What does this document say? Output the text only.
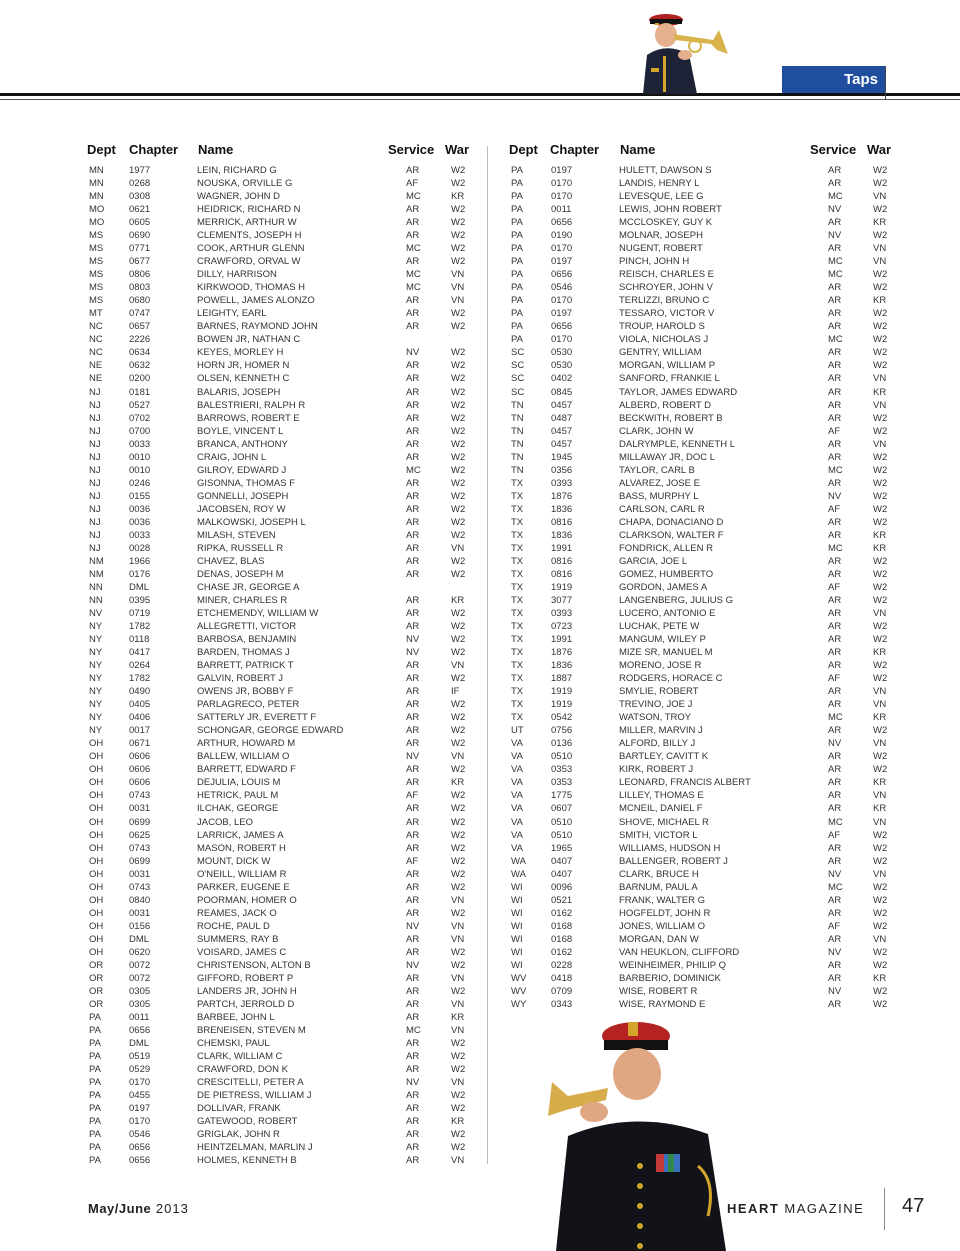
Taps
Dept Chapter Name	Service War
MN	1977	LEIN, RICHARD G	AR	W2
MN	0268	NOUSKA, ORVILLE G	AF	W2
MN	0308	WAGNER, JOHN D	MC	KR
MO	0621	HEIDRICK, RICHARD N	AR	W2
MO	0605	MERRICK, ARTHUR W	AR	W2
MS	0690	CLEMENTS, JOSEPH H	AR	W2
MS	0771	COOK, ARTHUR GLENN	MC	W2
MS	0677	CRAWFORD, ORVAL W	AR	W2
MS	0806	DILLY, HARRISON	MC	VN
MS	0803	KIRKWOOD, THOMAS H	MC	VN
MS	0680	POWELL, JAMES ALONZO	AR	VN
MT	0747	LEIGHTY, EARL	AR	W2
NC	0657	BARNES, RAYMOND JOHN	AR	W2
NC	2226	BOWEN JR, NATHAN C
NC	0634	KEYES, MORLEY H	NV	W2
NE	0632	HORN JR, HOMER N	AR	W2
NE	0200	OLSEN, KENNETH C	AR	W2
NJ	0181	BALARIS, JOSEPH	AR	W2
NJ	0527	BALESTRIERI, RALPH R	AR	W2
NJ	0702	BARROWS, ROBERT E	AR	W2
NJ	0700	BOYLE, VINCENT L	AR	W2
NJ	0033	BRANCA, ANTHONY	AR	W2
NJ	0010	CRAIG, JOHN L	AR	W2
NJ	0010	GILROY, EDWARD J	MC	W2
NJ	0246	GISONNA, THOMAS F	AR	W2
NJ	0155	GONNELLI, JOSEPH	AR	W2
NJ	0036	JACOBSEN, ROY W	AR	W2
NJ	0036	MALKOWSKI, JOSEPH L	AR	W2
NJ	0033	MILASH, STEVEN	AR	W2
NJ	0028	RIPKA, RUSSELL R	AR	VN
NM	1966	CHAVEZ, BLAS	AR	W2
NM	0176	DENAS, JOSEPH M	AR	W2
NN	DML	CHASE JR, GEORGE A
NN	0395	MINER, CHARLES R	AR	KR
NV	0719	ETCHEMENDY, WILLIAM W	AR	W2
NY	1782	ALLEGRETTI, VICTOR	AR	W2
NY	0118	BARBOSA, BENJAMIN	NV	W2
NY	0417	BARDEN, THOMAS J	NV	W2
NY	0264	BARRETT, PATRICK T	AR	VN
NY	1782	GALVIN, ROBERT J	AR	W2
NY	0490	OWENS JR, BOBBY F	AR	IF
NY	0405	PARLAGRECO, PETER	AR	W2
NY	0406	SATTERLY JR, EVERETT F	AR	W2
NY	0017	SCHONGAR, GEORGE EDWARD	AR	W2
OH	0671	ARTHUR, HOWARD M	AR	W2
OH	0606	BALLEW, WILLIAM O	NV	VN
OH	0606	BARRETT, EDWARD F	AR	W2
OH	0606	DEJULIA, LOUIS M	AR	KR
OH	0743	HETRICK, PAUL M	AF	W2
OH	0031	ILCHAK, GEORGE	AR	W2
OH	0699	JACOB, LEO	AR	W2
OH	0625	LARRICK, JAMES A	AR	W2
OH	0743	MASON, ROBERT H	AR	W2
OH	0699	MOUNT, DICK W	AF	W2
OH	0031	O'NEILL, WILLIAM R	AR	W2
OH	0743	PARKER, EUGENE E	AR	W2
OH	0840	POORMAN, HOMER O	AR	VN
OH	0031	REAMES, JACK O	AR	W2
OH	0156	ROCHE, PAUL D	NV	VN
OH	DML	SUMMERS, RAY B	AR	VN
OH	0620	VOISARD, JAMES C	AR	W2
OR	0072	CHRISTENSON, ALTON B	NV	W2
OR	0072	GIFFORD, ROBERT P	AR	VN
OR	0305	LANDERS JR, JOHN H	AR	W2
OR	0305	PARTCH, JERROLD D	AR	VN
PA	0011	BARBEE, JOHN L	AR	KR
PA	0656	BRENEISEN, STEVEN M	MC	VN
PA	DML	CHEMSKI, PAUL	AR	W2
PA	0519	CLARK, WILLIAM C	AR	W2
PA	0529	CRAWFORD, DON K	AR	W2
PA	0170	CRESCITELLI, PETER A	NV	VN
PA	0455	DE PIETRESS, WILLIAM J	AR	W2
PA	0197	DOLLIVAR, FRANK	AR	W2
PA	0170	GATEWOOD, ROBERT	AR	KR
PA	0546	GRIGLAK, JOHN R	AR	W2
PA	0656	HEINTZELMAN, MARLIN J	AR	W2
PA	0656	HOLMES, KENNETH B	AR	VN
Dept Chapter Name	Service War
PA	0197	HULETT, DAWSON S	AR	W2
PA	0170	LANDIS, HENRY L	AR	W2
PA	0170	LEVESQUE, LEE G	MC	VN
PA	0011	LEWIS, JOHN ROBERT	NV	W2
PA	0656	MCCLOSKEY, GUY K	AR	KR
PA	0190	MOLNAR, JOSEPH	NV	W2
PA	0170	NUGENT, ROBERT	AR	VN
PA	0197	PINCH, JOHN H	MC	VN
PA	0656	REISCH, CHARLES E	MC	W2
PA	0546	SCHROYER, JOHN V	AR	W2
PA	0170	TERLIZZI, BRUNO C	AR	KR
PA	0197	TESSARO, VICTOR V	AR	W2
PA	0656	TROUP, HAROLD S	AR	W2
PA	0170	VIOLA, NICHOLAS J	MC	W2
SC	0530	GENTRY, WILLIAM	AR	W2
SC	0530	MORGAN, WILLIAM P	AR	W2
SC	0402	SANFORD, FRANKIE L	AR	VN
SC	0845	TAYLOR, JAMES EDWARD	AR	KR
TN	0457	ALBERD, ROBERT D	AR	VN
TN	0487	BECKWITH, ROBERT B	AR	W2
TN	0457	CLARK, JOHN W	AF	W2
TN	0457	DALRYMPLE, KENNETH L	AR	VN
TN	1945	MILLAWAY JR, DOC L	AR	W2
TN	0356	TAYLOR, CARL B	MC	W2
TX	0393	ALVAREZ, JOSE E	AR	W2
TX	1876	BASS, MURPHY L	NV	W2
TX	1836	CARLSON, CARL R	AF	W2
TX	0816	CHAPA, DONACIANO D	AR	W2
TX	1836	CLARKSON, WALTER F	AR	KR
TX	1991	FONDRICK, ALLEN R	MC	KR
TX	0816	GARCIA, JOE L	AR	W2
TX	0816	GOMEZ, HUMBERTO	AR	W2
TX	1919	GORDON, JAMES A	AF	W2
TX	3077	LANGENBERG, JULIUS G	AR	W2
TX	0393	LUCERO, ANTONIO E	AR	VN
TX	0723	LUCHAK, PETE W	AR	W2
TX	1991	MANGUM, WILEY P	AR	W2
TX	1876	MIZE SR, MANUEL M	AR	KR
TX	1836	MORENO, JOSE R	AR	W2
TX	1887	RODGERS, HORACE C	AF	W2
TX	1919	SMYLIE, ROBERT	AR	VN
TX	1919	TREVINO, JOE J	AR	VN
TX	0542	WATSON, TROY	MC	KR
UT	0756	MILLER, MARVIN J	AR	W2
VA	0136	ALFORD, BILLY J	NV	VN
VA	0510	BARTLEY, CAVITT K	AR	W2
VA	0353	KIRK, ROBERT J	AR	W2
VA	0353	LEONARD, FRANCIS ALBERT	AR	KR
VA	1775	LILLEY, THOMAS E	AR	VN
VA	0607	MCNEIL, DANIEL F	AR	KR
VA	0510	SHOVE, MICHAEL R	MC	VN
VA	0510	SMITH, VICTOR L	AF	W2
VA	1965	WILLIAMS, HUDSON H	AR	W2
WA	0407	BALLENGER, ROBERT J	AR	W2
WA	0407	CLARK, BRUCE H	NV	VN
WI	0096	BARNUM, PAUL A	MC	W2
WI	0521	FRANK, WALTER G	AR	W2
WI	0162	HOGFELDT, JOHN R	AR	W2
WI	0168	JONES, WILLIAM O	AF	W2
WI	0168	MORGAN, DAN W	AR	VN
WI	0162	VAN HEUKLON, CLIFFORD	NV	W2
WI	0228	WEINHEIMER, PHILIP Q	AR	W2
WV	0418	BARBERIO, DOMINICK	AR	KR
WV	0709	WISE, ROBERT R	NV	W2
WY	0343	WISE, RAYMOND E	AR	W2
May/June 2013	HEART MAGAZINE 47
